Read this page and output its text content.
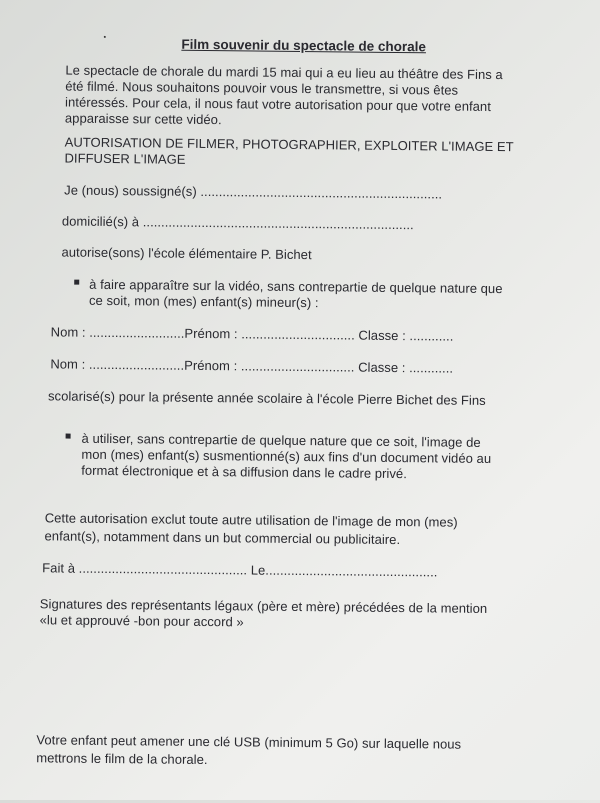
Film souvenir du spectacle de chorale
Le spectacle de chorale du mardi 15 mai qui a eu lieu au théâtre des Fins a
été filmé. Nous souhaitons pouvoir vous le transmettre, si vous êtes
intéressés. Pour cela, il nous faut votre autorisation pour que votre enfant
apparaisse sur cette vidéo.
AUTORISATION DE FILMER, PHOTOGRAPHIER, EXPLOITER L'IMAGE ET
DIFFUSER L'IMAGE
Je (nous) soussigné(s) ..................................................................
domicilié(s) à ..........................................................................
autorise(sons) l'école élémentaire P. Bichet
à faire apparaître sur la vidéo, sans contrepartie de quelque nature que
ce soit, mon (mes) enfant(s) mineur(s) :
Nom : ..........................Prénom : ............................... Classe : ............
Nom : ..........................Prénom : ............................... Classe : ............
scolarisé(s) pour la présente année scolaire à l'école Pierre Bichet des Fins
à utiliser, sans contrepartie de quelque nature que ce soit, l'image de
mon (mes) enfant(s) susmentionné(s) aux fins d'un document vidéo au
format électronique et à sa diffusion dans le cadre privé.
Cette autorisation exclut toute autre utilisation de l'image de mon (mes)
enfant(s), notamment dans un but commercial ou publicitaire.
Fait à .............................................. Le...............................................
Signatures des représentants légaux (père et mère) précédées de la mention
«lu et approuvé -bon pour accord »
Votre enfant peut amener une clé USB (minimum 5 Go) sur laquelle nous
mettrons le film de la chorale.
